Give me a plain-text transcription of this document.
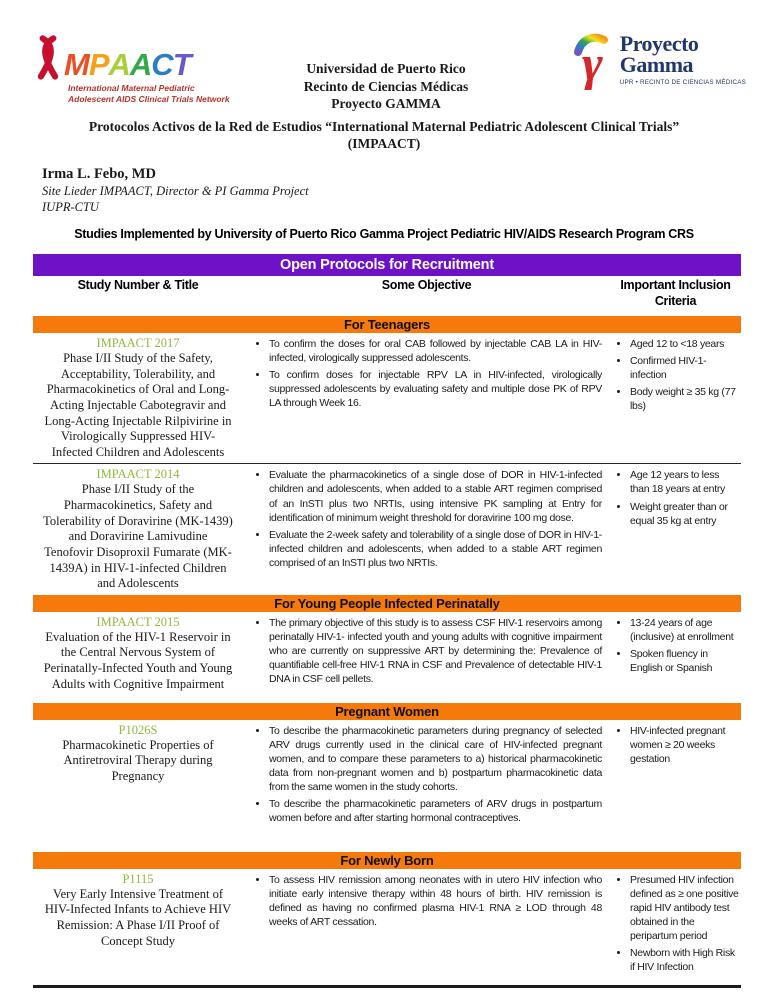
M P A A C T
International Maternal Pediatric
Adolescent AIDS Clinical Trials Network
Universidad de Puerto Rico
Recinto de Ciencias Médicas
Proyecto GAMMA
γ Proyecto
Gamma
UPR • RECINTO DE CIENCIAS MÉDICAS
Protocolos Activos de la Red de Estudios “International Maternal Pediatric Adolescent Clinical Trials”
(IMPAACT)
Irma L. Febo, MD
Site Lieder IMPAACT, Director & PI Gamma Project
IUPR-CTU
Studies Implemented by University of Puerto Rico Gamma Project Pediatric HIV/AIDS Research Program CRS
Open Protocols for Recruitment
Study Number & Title	Some Objective	Important Inclusion Criteria
For Teenagers
IMPAACT 2017
Phase I/II Study of the Safety, Acceptability, Tolerability, and Pharmacokinetics of Oral and Long-Acting Injectable Cabotegravir and Long-Acting Injectable Rilpivirine in Virologically Suppressed HIV-Infected Children and Adolescents
• To confirm the doses for oral CAB followed by injectable CAB LA in HIV-infected, virologically suppressed adolescents.
• To confirm doses for injectable RPV LA in HIV-infected, virologically suppressed adolescents by evaluating safety and multiple dose PK of RPV LA through Week 16.
• Aged 12 to <18 years
• Confirmed HIV-1- infection
• Body weight ≥ 35 kg (77 lbs)
IMPAACT 2014
Phase I/II Study of the Pharmacokinetics, Safety and Tolerability of Doravirine (MK-1439) and Doravirine Lamivudine Tenofovir Disoproxil Fumarate (MK-1439A) in HIV-1-infected Children and Adolescents
• Evaluate the pharmacokinetics of a single dose of DOR in HIV-1-infected children and adolescents, when added to a stable ART regimen comprised of an InSTI plus two NRTIs, using intensive PK sampling at Entry for identification of minimum weight threshold for doravirine 100 mg dose.
• Evaluate the 2-week safety and tolerability of a single dose of DOR in HIV-1-infected children and adolescents, when added to a stable ART regimen comprised of an InSTI plus two NRTIs.
• Age 12 years to less than 18 years at entry
• Weight greater than or equal 35 kg at entry
For Young People Infected Perinatally
IMPAACT 2015
Evaluation of the HIV-1 Reservoir in the Central Nervous System of Perinatally-Infected Youth and Young Adults with Cognitive Impairment
• The primary objective of this study is to assess CSF HIV-1 reservoirs among perinatally HIV-1- infected youth and young adults with cognitive impairment who are currently on suppressive ART by determining the: Prevalence of quantifiable cell-free HIV-1 RNA in CSF and Prevalence of detectable HIV-1 DNA in CSF cell pellets.
• 13-24 years of age (inclusive) at enrollment
• Spoken fluency in English or Spanish
Pregnant Women
P1026S
Pharmacokinetic Properties of Antiretroviral Therapy during Pregnancy
• To describe the pharmacokinetic parameters during pregnancy of selected ARV drugs currently used in the clinical care of HIV-infected pregnant women, and to compare these parameters to a) historical pharmacokinetic data from non-pregnant women and b) postpartum pharmacokinetic data from the same women in the study cohorts.
• To describe the pharmacokinetic parameters of ARV drugs in postpartum women before and after starting hormonal contraceptives.
• HIV-infected pregnant women ≥ 20 weeks gestation
For Newly Born
P1115
Very Early Intensive Treatment of HIV-Infected Infants to Achieve HIV Remission: A Phase I/II Proof of Concept Study
• To assess HIV remission among neonates with in utero HIV infection who initiate early intensive therapy within 48 hours of birth. HIV remission is defined as having no confirmed plasma HIV-1 RNA ≥ LOD through 48 weeks of ART cessation.
• Presumed HIV infection defined as ≥ one positive rapid HIV antibody test obtained in the peripartum period
• Newborn with High Risk if HIV Infection
